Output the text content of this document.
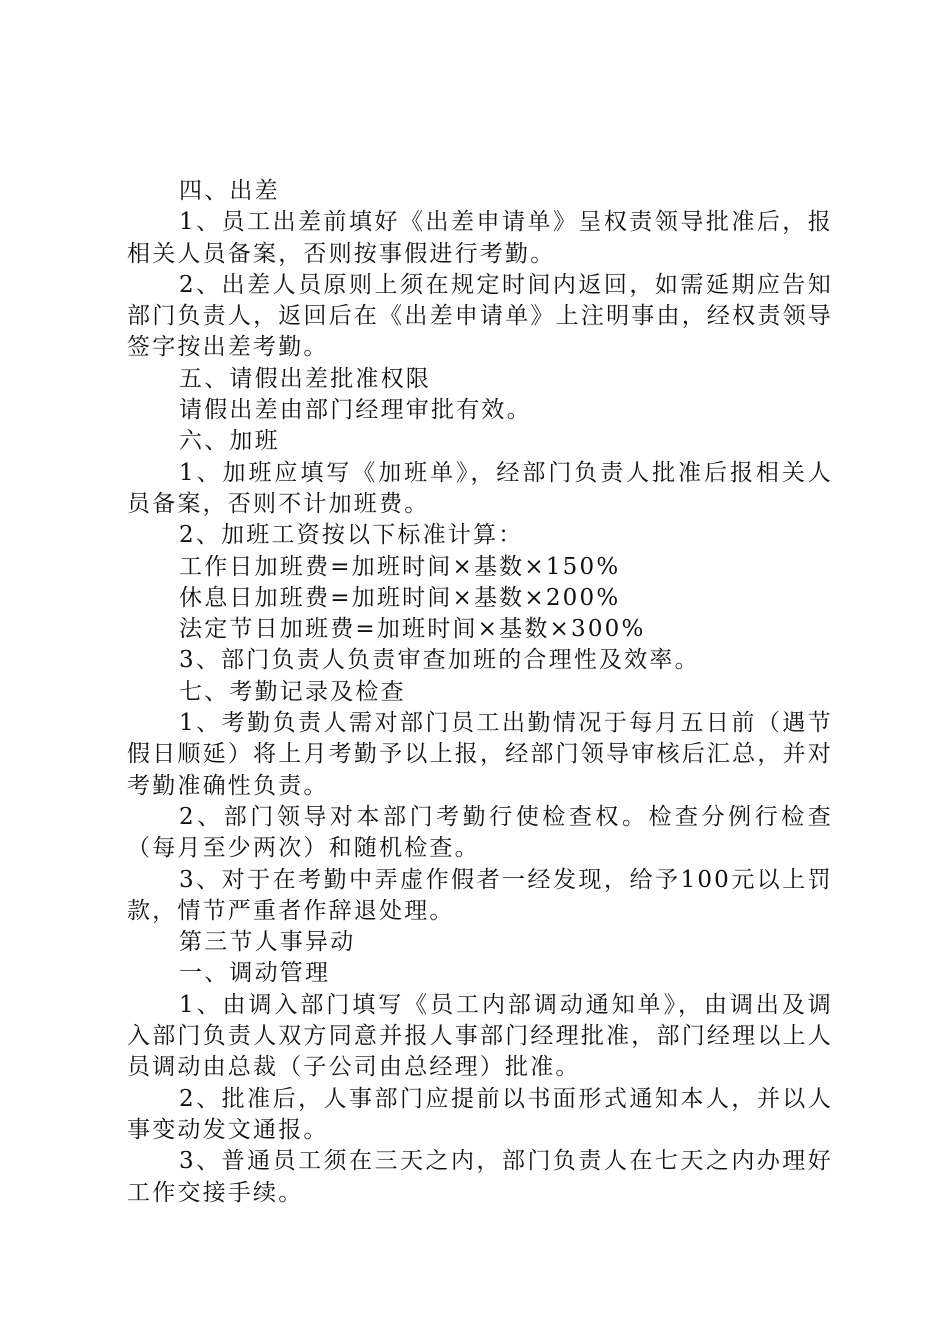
四、出差

1、员工出差前填好《出差申请单》呈权责领导批准后，报相关人员备案，否则按事假进行考勤。

2、出差人员原则上须在规定时间内返回，如需延期应告知部门负责人，返回后在《出差申请单》上注明事由，经权责领导签字按出差考勤。

五、请假出差批准权限

请假出差由部门经理审批有效。

六、加班

1、加班应填写《加班单》，经部门负责人批准后报相关人员备案，否则不计加班费。

2、加班工资按以下标准计算：

工作日加班费=加班时间×基数×150%

休息日加班费=加班时间×基数×200%

法定节日加班费=加班时间×基数×300%

3、部门负责人负责审查加班的合理性及效率。

七、考勤记录及检查

1、考勤负责人需对部门员工出勤情况于每月五日前（遇节假日顺延）将上月考勤予以上报，经部门领导审核后汇总，并对考勤准确性负责。

2、部门领导对本部门考勤行使检查权。检查分例行检查（每月至少两次）和随机检查。

3、对于在考勤中弄虚作假者一经发现，给予100元以上罚款，情节严重者作辞退处理。

第三节人事异动

一、调动管理

1、由调入部门填写《员工内部调动通知单》，由调出及调入部门负责人双方同意并报人事部门经理批准，部门经理以上人员调动由总裁（子公司由总经理）批准。

2、批准后，人事部门应提前以书面形式通知本人，并以人事变动发文通报。

3、普通员工须在三天之内，部门负责人在七天之内办理好工作交接手续。
